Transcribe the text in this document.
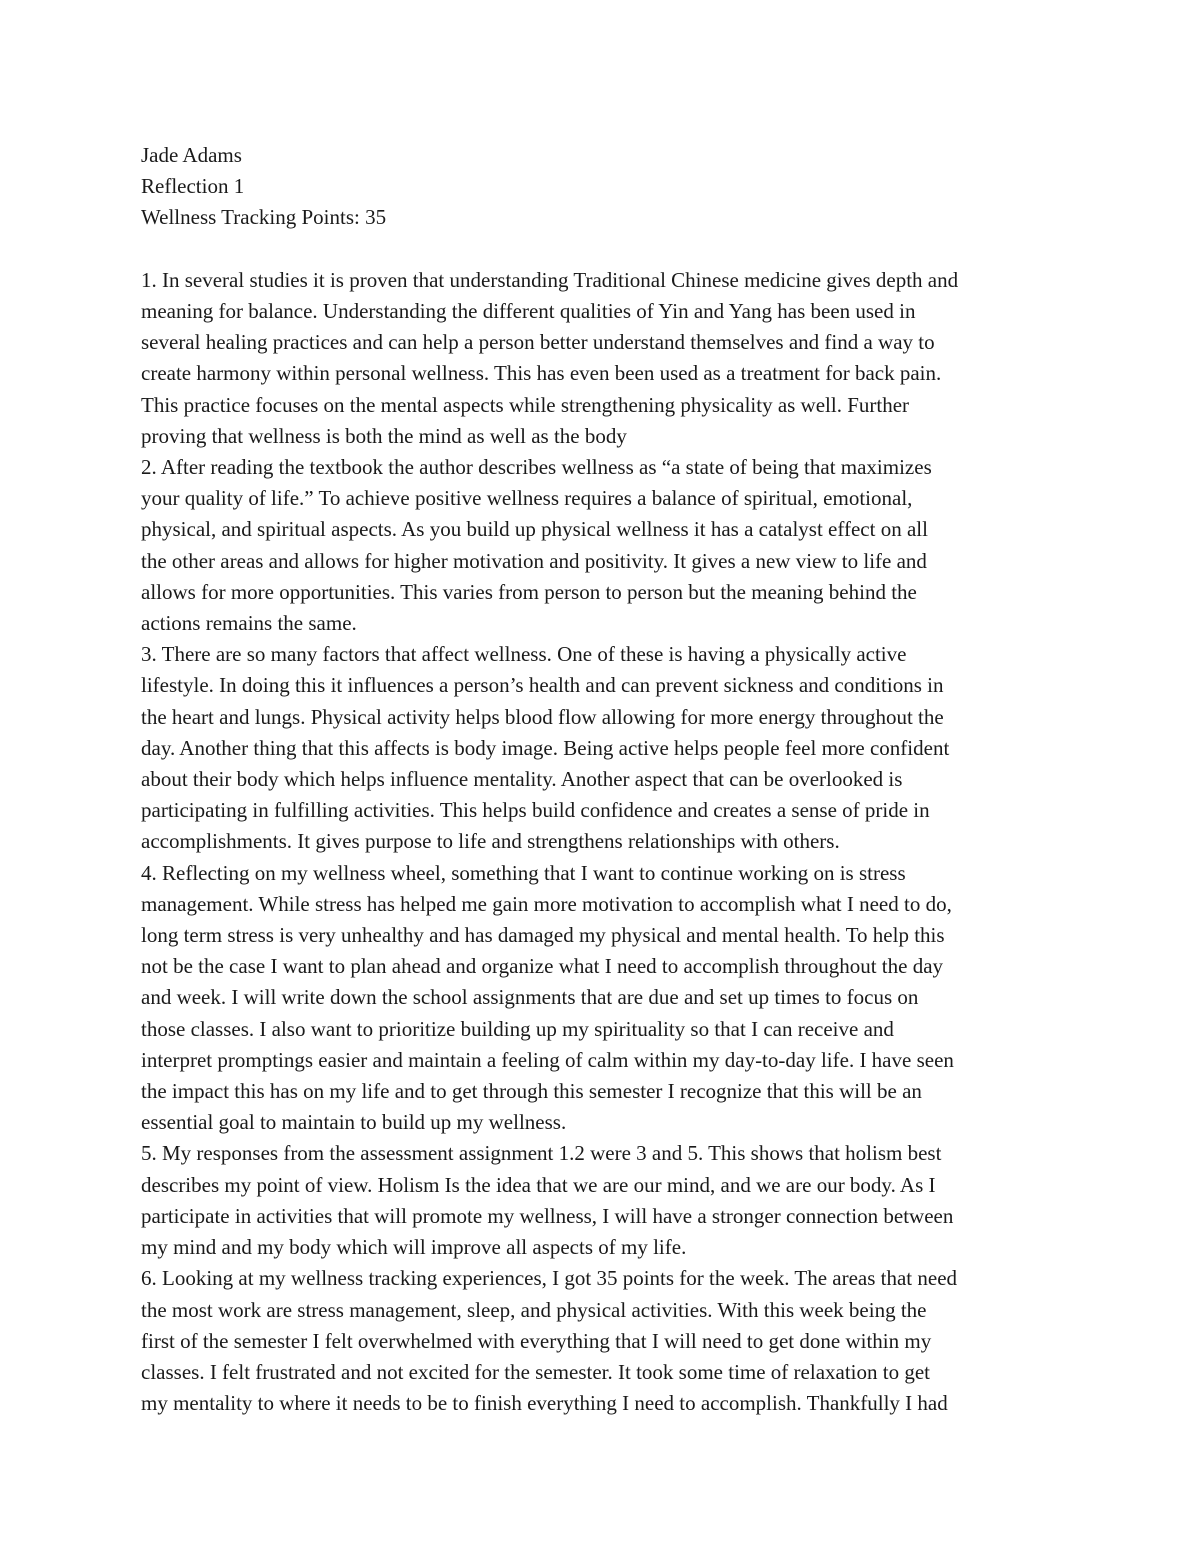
Jade Adams
Reflection 1
Wellness Tracking Points: 35
1. In several studies it is proven that understanding Traditional Chinese medicine gives depth and
meaning for balance. Understanding the different qualities of Yin and Yang has been used in
several healing practices and can help a person better understand themselves and find a way to
create harmony within personal wellness. This has even been used as a treatment for back pain.
This practice focuses on the mental aspects while strengthening physicality as well. Further
proving that wellness is both the mind as well as the body
2. After reading the textbook the author describes wellness as “a state of being that maximizes
your quality of life.” To achieve positive wellness requires a balance of spiritual, emotional,
physical, and spiritual aspects. As you build up physical wellness it has a catalyst effect on all
the other areas and allows for higher motivation and positivity. It gives a new view to life and
allows for more opportunities. This varies from person to person but the meaning behind the
actions remains the same.
3. There are so many factors that affect wellness. One of these is having a physically active
lifestyle. In doing this it influences a person’s health and can prevent sickness and conditions in
the heart and lungs. Physical activity helps blood flow allowing for more energy throughout the
day. Another thing that this affects is body image. Being active helps people feel more confident
about their body which helps influence mentality. Another aspect that can be overlooked is
participating in fulfilling activities. This helps build confidence and creates a sense of pride in
accomplishments. It gives purpose to life and strengthens relationships with others.
4. Reflecting on my wellness wheel, something that I want to continue working on is stress
management. While stress has helped me gain more motivation to accomplish what I need to do,
long term stress is very unhealthy and has damaged my physical and mental health. To help this
not be the case I want to plan ahead and organize what I need to accomplish throughout the day
and week. I will write down the school assignments that are due and set up times to focus on
those classes. I also want to prioritize building up my spirituality so that I can receive and
interpret promptings easier and maintain a feeling of calm within my day-to-day life. I have seen
the impact this has on my life and to get through this semester I recognize that this will be an
essential goal to maintain to build up my wellness.
5. My responses from the assessment assignment 1.2 were 3 and 5. This shows that holism best
describes my point of view. Holism Is the idea that we are our mind, and we are our body. As I
participate in activities that will promote my wellness, I will have a stronger connection between
my mind and my body which will improve all aspects of my life.
6. Looking at my wellness tracking experiences, I got 35 points for the week. The areas that need
the most work are stress management, sleep, and physical activities. With this week being the
first of the semester I felt overwhelmed with everything that I will need to get done within my
classes. I felt frustrated and not excited for the semester. It took some time of relaxation to get
my mentality to where it needs to be to finish everything I need to accomplish. Thankfully I had
